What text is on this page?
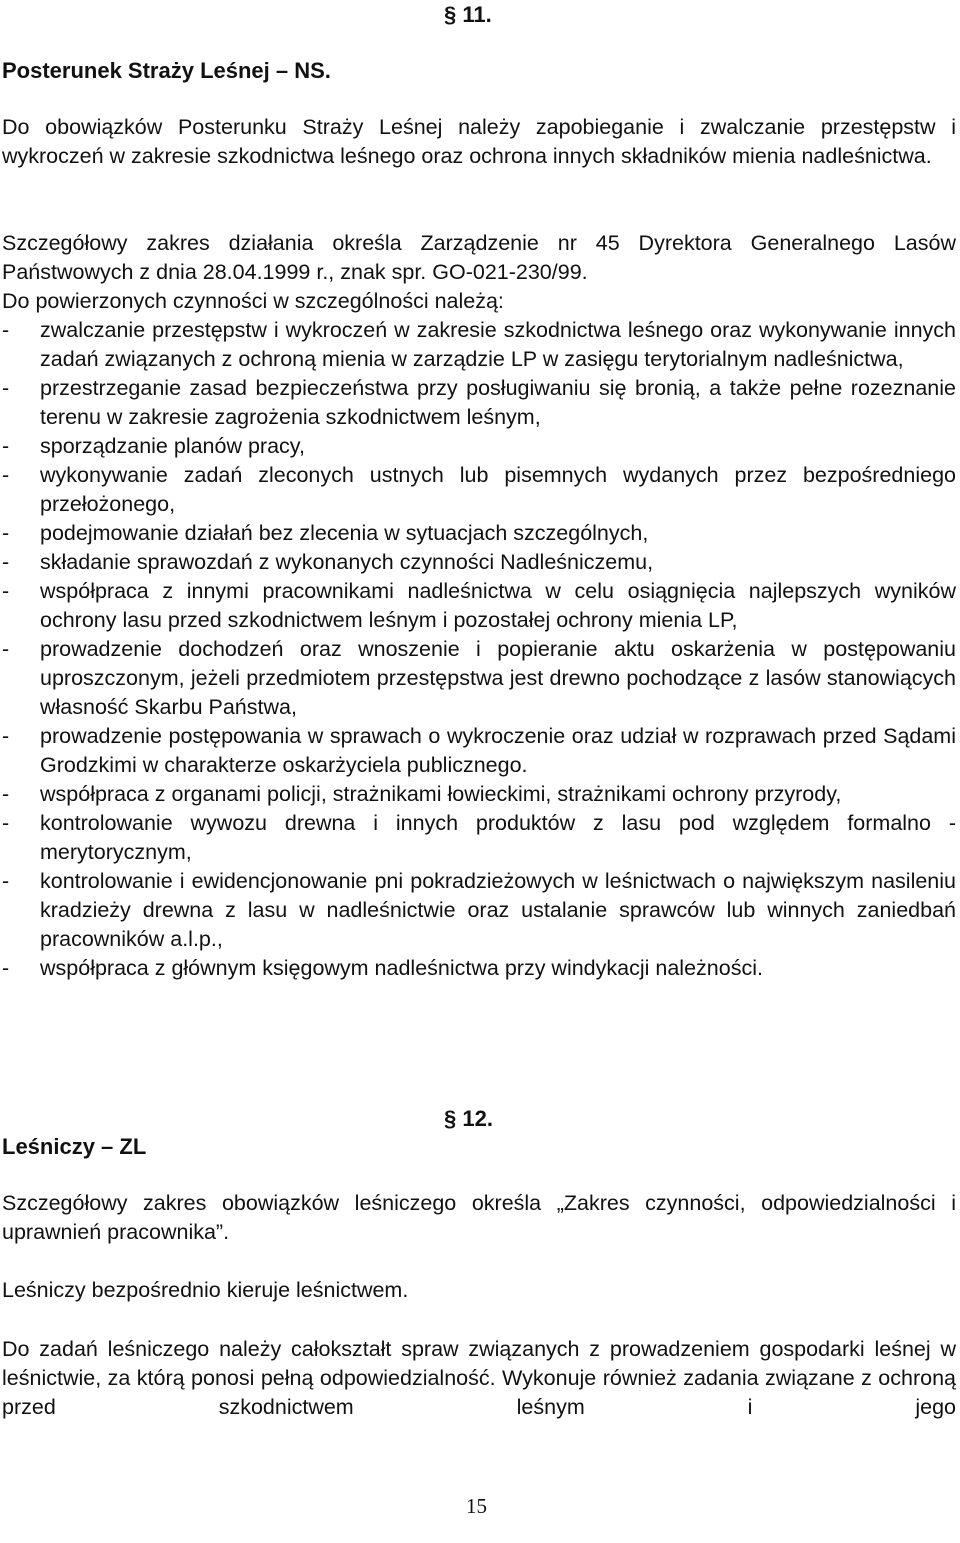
§ 11.
Posterunek Straży Leśnej – NS.
Do obowiązków Posterunku Straży Leśnej należy zapobieganie i zwalczanie przestępstw i wykroczeń w zakresie szkodnictwa leśnego oraz ochrona innych składników mienia nadleśnictwa.
Szczegółowy zakres działania określa Zarządzenie nr 45 Dyrektora Generalnego Lasów Państwowych z dnia 28.04.1999 r., znak spr. GO-021-230/99.
Do powierzonych czynności w szczególności należą:
- zwalczanie przestępstw i wykroczeń w zakresie szkodnictwa leśnego oraz wykonywanie innych zadań związanych z ochroną mienia w zarządzie LP w zasięgu terytorialnym nadleśnictwa,
- przestrzeganie zasad bezpieczeństwa przy posługiwaniu się bronią, a także pełne rozeznanie terenu w zakresie zagrożenia szkodnictwem leśnym,
- sporządzanie planów pracy,
- wykonywanie zadań zleconych ustnych lub pisemnych wydanych przez bezpośredniego przełożonego,
- podejmowanie działań bez zlecenia w sytuacjach szczególnych,
- składanie sprawozdań z wykonanych czynności Nadleśniczemu,
- współpraca z innymi pracownikami nadleśnictwa w celu osiągnięcia najlepszych wyników ochrony lasu przed szkodnictwem leśnym i pozostałej ochrony mienia LP,
- prowadzenie dochodzeń oraz wnoszenie i popieranie aktu oskarżenia w postępowaniu uproszczonym, jeżeli przedmiotem przestępstwa jest drewno pochodzące z lasów stanowiących własność Skarbu Państwa,
- prowadzenie postępowania w sprawach o wykroczenie oraz udział w rozprawach przed Sądami Grodzkimi w charakterze oskarżyciela publicznego.
- współpraca z organami policji, strażnikami łowieckimi, strażnikami ochrony przyrody,
- kontrolowanie wywozu drewna i innych produktów z lasu pod względem formalno - merytorycznym,
- kontrolowanie i ewidencjonowanie pni pokradzieżowych w leśnictwach o największym nasileniu kradzieży drewna z lasu w nadleśnictwie oraz ustalanie sprawców lub winnych zaniedbań pracowników a.l.p.,
- współpraca z głównym księgowym nadleśnictwa przy windykacji należności.
§ 12.
Leśniczy – ZL
Szczegółowy zakres obowiązków leśniczego określa „Zakres czynności, odpowiedzialności i uprawnień pracownika”.
Leśniczy bezpośrednio kieruje leśnictwem.
Do zadań leśniczego należy całokształt spraw związanych z prowadzeniem gospodarki leśnej w leśnictwie, za którą ponosi pełną odpowiedzialność. Wykonuje również zadania związane z ochroną przed szkodnictwem leśnym i jego
15
